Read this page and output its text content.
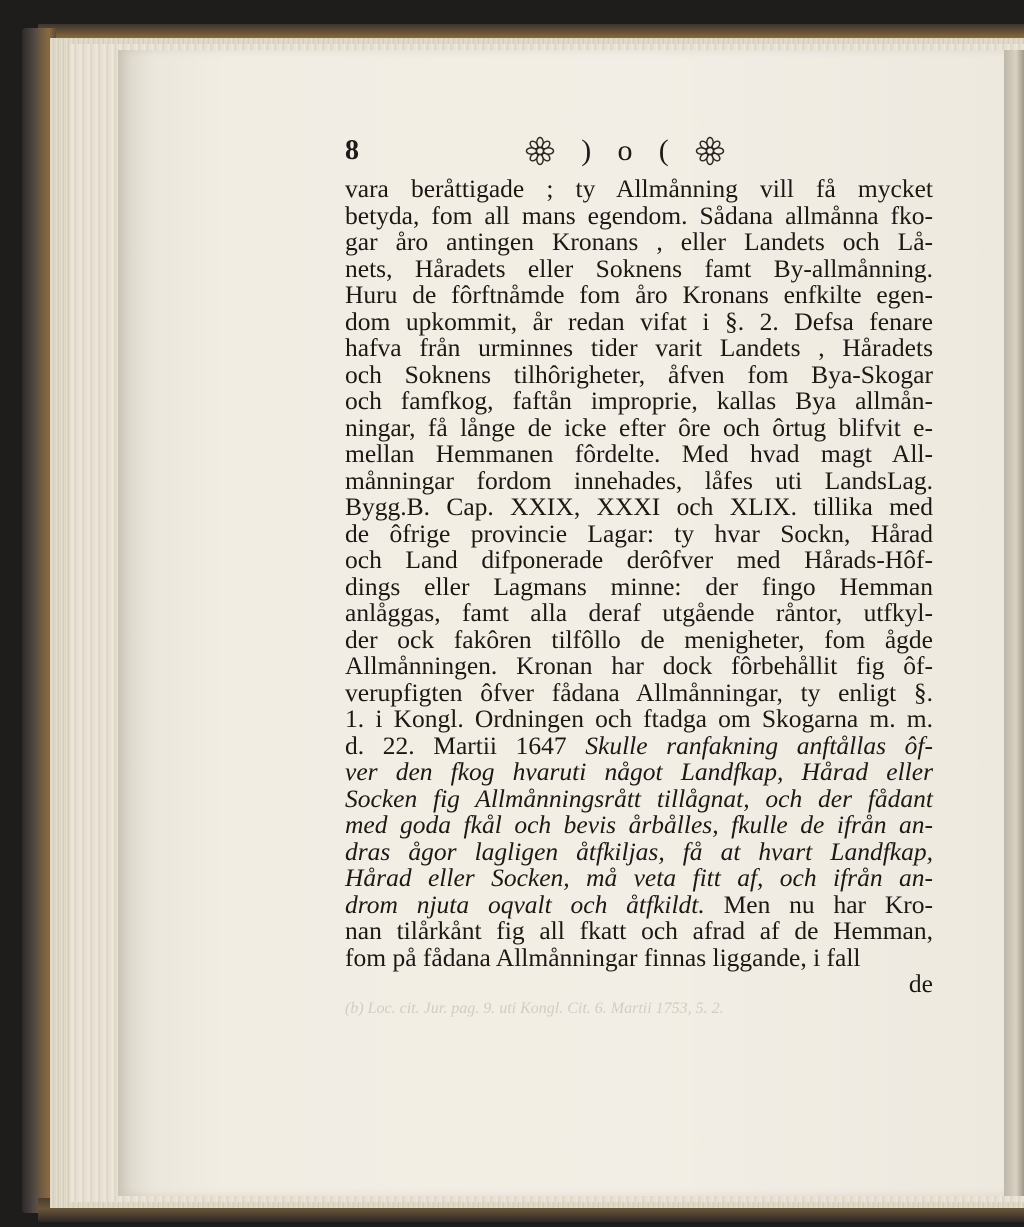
8	) o (
vara beråttigade ; ty Allmånning vill få mycket
betyda, fom all mans egendom. Sådana allmånna fko-
gar åro antingen Kronans , eller Landets och Lå-
nets, Håradets eller Soknens famt By-allmånning.
Huru de fôrftnåmde fom åro Kronans enfkilte egen-
dom upkommit, år redan vifat i §. 2. Defsa fenare
hafva från urminnes tider varit Landets , Håradets
och Soknens tilhôrigheter, åfven fom Bya-Skogar
och famfkog, faftån improprie, kallas Bya allmån-
ningar, få långe de icke efter ôre och ôrtug blifvit e-
mellan Hemmanen fôrdelte. Med hvad magt All-
månningar fordom innehades, låfes uti LandsLag.
Bygg.B. Cap. XXIX, XXXI och XLIX. tillika med
de ôfrige provincie Lagar: ty hvar Sockn, Hårad
och Land difponerade derôfver med Hårads-Hôf-
dings eller Lagmans minne: der fingo Hemman
anlåggas, famt alla deraf utgående råntor, utfkyl-
der ock fakôren tilfôllo de menigheter, fom ågde
Allmånningen. Kronan har dock fôrbehållit fig ôf-
verupfigten ôfver fådana Allmånningar, ty enligt §.
1. i Kongl. Ordningen och ftadga om Skogarna m. m.
d. 22. Martii 1647 Skulle ranfakning anftållas ôf-
ver den fkog hvaruti något Landfkap, Hårad eller
Socken fig Allmånningsrått tillågnat, och der fådant
med goda fkål och bevis årbålles, fkulle de ifrån an-
dras ågor lagligen åtfkiljas, få at hvart Landfkap,
Hårad eller Socken, må veta fitt af, och ifrån an-
drom njuta oqvalt och åtfkildt. Men nu har Kro-
nan tilårkånt fig all fkatt och afrad af de Hemman,
fom på fådana Allmånningar finnas liggande, i fall
de
(b) Loc. cit. Jur. pag. 9. uti Kongl. Cit. 6. Martii 1753, 5. 2.
